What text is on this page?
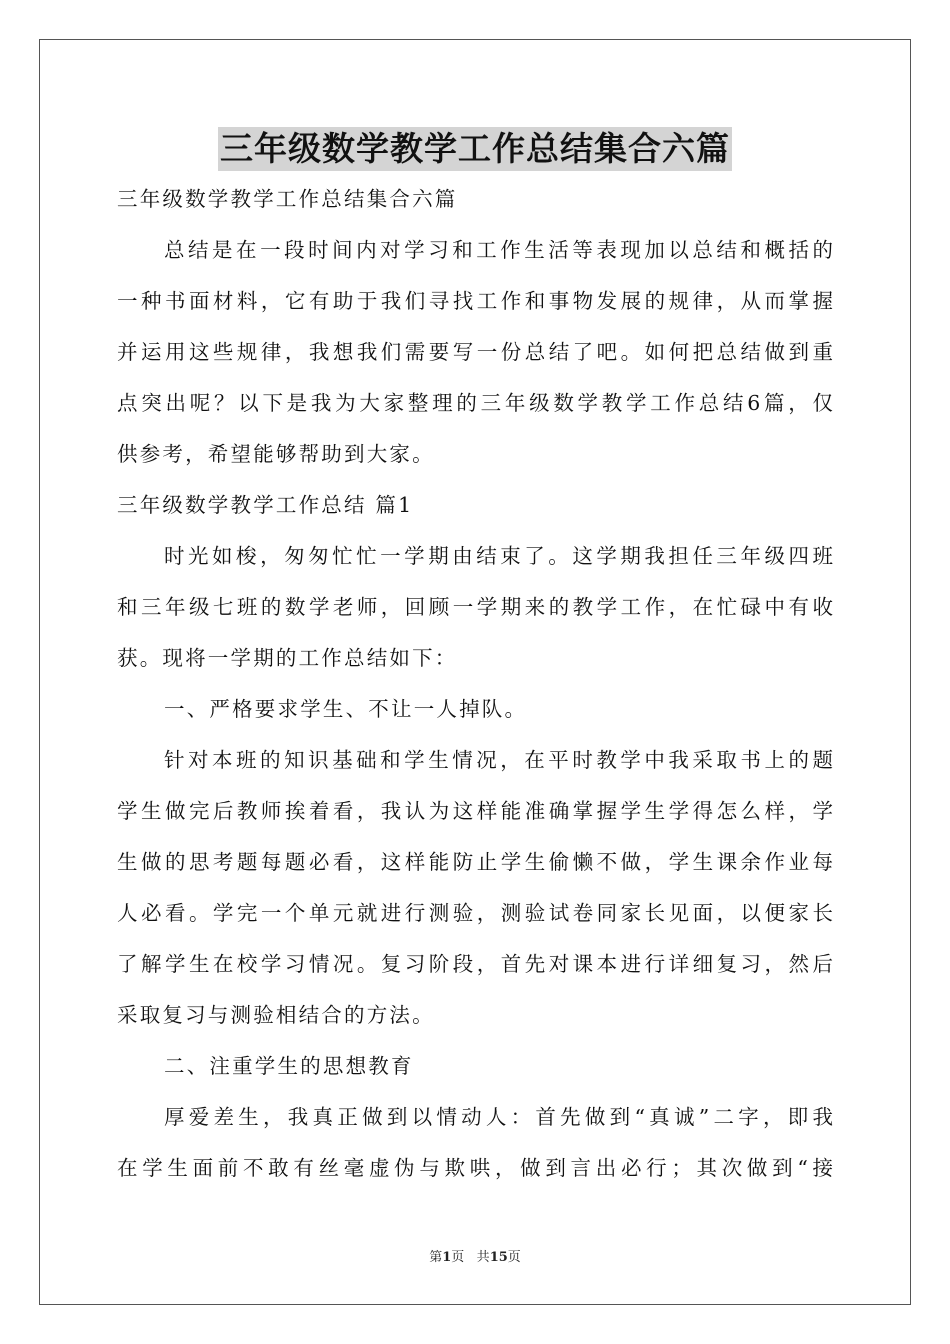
三年级数学教学工作总结集合六篇
三年级数学教学工作总结集合六篇
总结是在一段时间内对学习和工作生活等表现加以总结和概括的
一种书面材料，它有助于我们寻找工作和事物发展的规律，从而掌握
并运用这些规律，我想我们需要写一份总结了吧。如何把总结做到重
点突出呢？以下是我为大家整理的三年级数学教学工作总结6篇，仅
供参考，希望能够帮助到大家。
三年级数学教学工作总结 篇1
时光如梭，匆匆忙忙一学期由结束了。这学期我担任三年级四班
和三年级七班的数学老师，回顾一学期来的教学工作，在忙碌中有收
获。现将一学期的工作总结如下：
一、严格要求学生、不让一人掉队。
针对本班的知识基础和学生情况，在平时教学中我采取书上的题
学生做完后教师挨着看，我认为这样能准确掌握学生学得怎么样，学
生做的思考题每题必看，这样能防止学生偷懒不做，学生课余作业每
人必看。学完一个单元就进行测验，测验试卷同家长见面，以便家长
了解学生在校学习情况。复习阶段，首先对课本进行详细复习，然后
采取复习与测验相结合的方法。
二、注重学生的思想教育
厚爱差生，我真正做到以情动人：首先做到“真诚”二字，即我
在学生面前不敢有丝毫虚伪与欺哄，做到言出必行；其次做到“接
第1页 共15页
